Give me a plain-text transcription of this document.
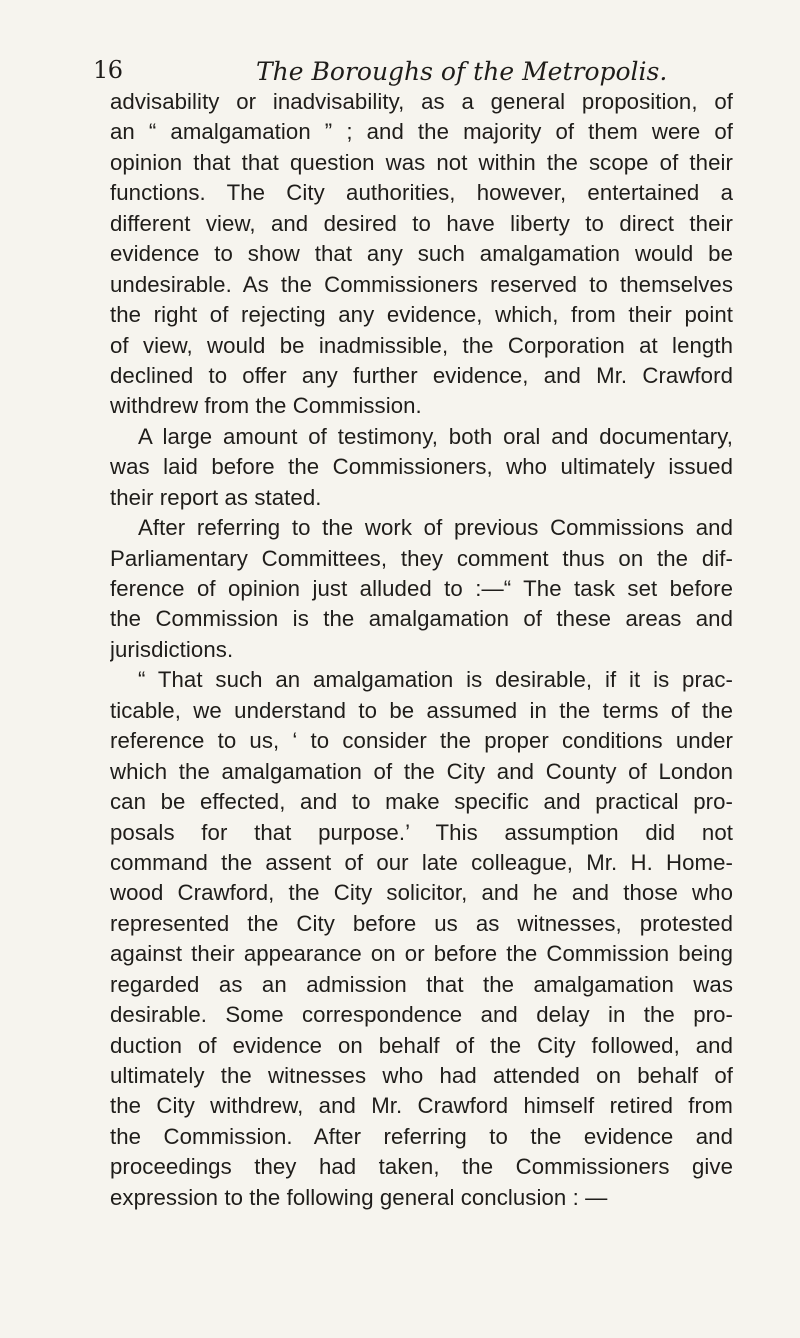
16	The Boroughs of the Metropolis.
advisability or inadvisability, as a general proposition, of
an “ amalgamation ” ; and the majority of them were of
opinion that that question was not within the scope of their
functions. The City authorities, however, entertained a
different view, and desired to have liberty to direct their
evidence to show that any such amalgamation would be
undesirable. As the Commissioners reserved to themselves
the right of rejecting any evidence, which, from their point
of view, would be inadmissible, the Corporation at length
declined to offer any further evidence, and Mr. Crawford
withdrew from the Commission.
A large amount of testimony, both oral and documentary,
was laid before the Commissioners, who ultimately issued
their report as stated.
After referring to the work of previous Commissions and
Parliamentary Committees, they comment thus on the dif-
ference of opinion just alluded to :—“ The task set before
the Commission is the amalgamation of these areas and
jurisdictions.
“ That such an amalgamation is desirable, if it is prac-
ticable, we understand to be assumed in the terms of the
reference to us, ‘ to consider the proper conditions under
which the amalgamation of the City and County of London
can be effected, and to make specific and practical pro-
posals for that purpose.’ This assumption did not
command the assent of our late colleague, Mr. H. Home-
wood Crawford, the City solicitor, and he and those who
represented the City before us as witnesses, protested
against their appearance on or before the Commission being
regarded as an admission that the amalgamation was
desirable. Some correspondence and delay in the pro-
duction of evidence on behalf of the City followed, and
ultimately the witnesses who had attended on behalf of
the City withdrew, and Mr. Crawford himself retired from
the Commission. After referring to the evidence and
proceedings they had taken, the Commissioners give
expression to the following general conclusion : —
